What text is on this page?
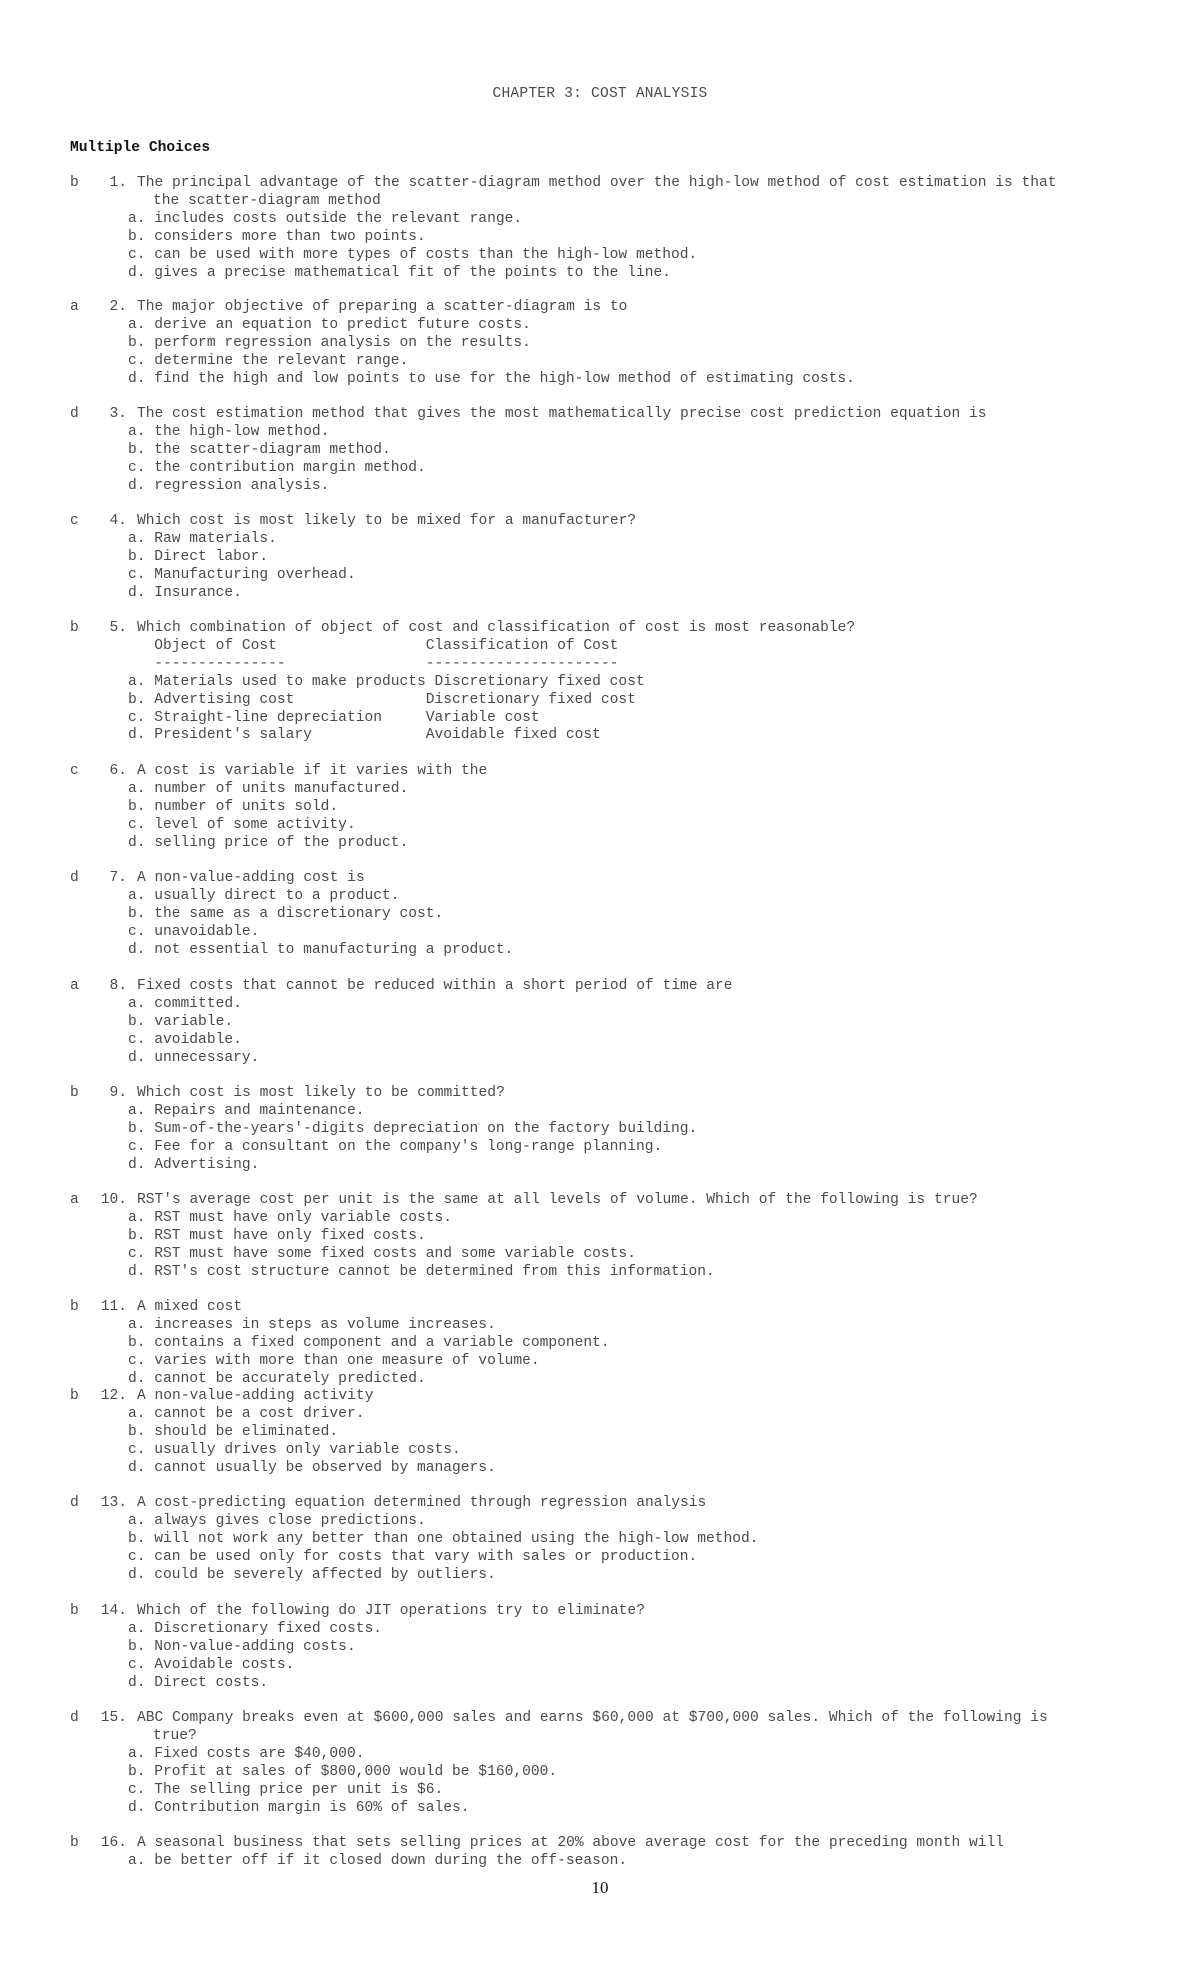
CHAPTER 3: COST ANALYSIS
Multiple Choices
b	1. The principal advantage of the scatter-diagram method over the high-low method of cost estimation is that
the scatter-diagram method
a. includes costs outside the relevant range.
b. considers more than two points.
c. can be used with more types of costs than the high-low method.
d. gives a precise mathematical fit of the points to the line.
a	2. The major objective of preparing a scatter-diagram is to
a. derive an equation to predict future costs.
b. perform regression analysis on the results.
c. determine the relevant range.
d. find the high and low points to use for the high-low method of estimating costs.
d	3. The cost estimation method that gives the most mathematically precise cost prediction equation is
a. the high-low method.
b. the scatter-diagram method.
c. the contribution margin method.
d. regression analysis.
c	4. Which cost is most likely to be mixed for a manufacturer?
a. Raw materials.
b. Direct labor.
c. Manufacturing overhead.
d. Insurance.
b	5. Which combination of object of cost and classification of cost is most reasonable?
Object of Cost                 Classification of Cost
---------------                ----------------------
a. Materials used to make products Discretionary fixed cost
b. Advertising cost               Discretionary fixed cost
c. Straight-line depreciation     Variable cost
d. President's salary             Avoidable fixed cost
c	6. A cost is variable if it varies with the
a. number of units manufactured.
b. number of units sold.
c. level of some activity.
d. selling price of the product.
d	7. A non-value-adding cost is
a. usually direct to a product.
b. the same as a discretionary cost.
c. unavoidable.
d. not essential to manufacturing a product.
a	8. Fixed costs that cannot be reduced within a short period of time are
a. committed.
b. variable.
c. avoidable.
d. unnecessary.
b	9. Which cost is most likely to be committed?
a. Repairs and maintenance.
b. Sum-of-the-years'-digits depreciation on the factory building.
c. Fee for a consultant on the company's long-range planning.
d. Advertising.
a	10. RST's average cost per unit is the same at all levels of volume. Which of the following is true?
a. RST must have only variable costs.
b. RST must have only fixed costs.
c. RST must have some fixed costs and some variable costs.
d. RST's cost structure cannot be determined from this information.
b	11. A mixed cost
a. increases in steps as volume increases.
b. contains a fixed component and a variable component.
c. varies with more than one measure of volume.
d. cannot be accurately predicted.
b	12. A non-value-adding activity
a. cannot be a cost driver.
b. should be eliminated.
c. usually drives only variable costs.
d. cannot usually be observed by managers.
d	13. A cost-predicting equation determined through regression analysis
a. always gives close predictions.
b. will not work any better than one obtained using the high-low method.
c. can be used only for costs that vary with sales or production.
d. could be severely affected by outliers.
b	14. Which of the following do JIT operations try to eliminate?
a. Discretionary fixed costs.
b. Non-value-adding costs.
c. Avoidable costs.
d. Direct costs.
d	15. ABC Company breaks even at $600,000 sales and earns $60,000 at $700,000 sales. Which of the following is
true?
a. Fixed costs are $40,000.
b. Profit at sales of $800,000 would be $160,000.
c. The selling price per unit is $6.
d. Contribution margin is 60% of sales.
b	16. A seasonal business that sets selling prices at 20% above average cost for the preceding month will
a. be better off if it closed down during the off-season.
10
